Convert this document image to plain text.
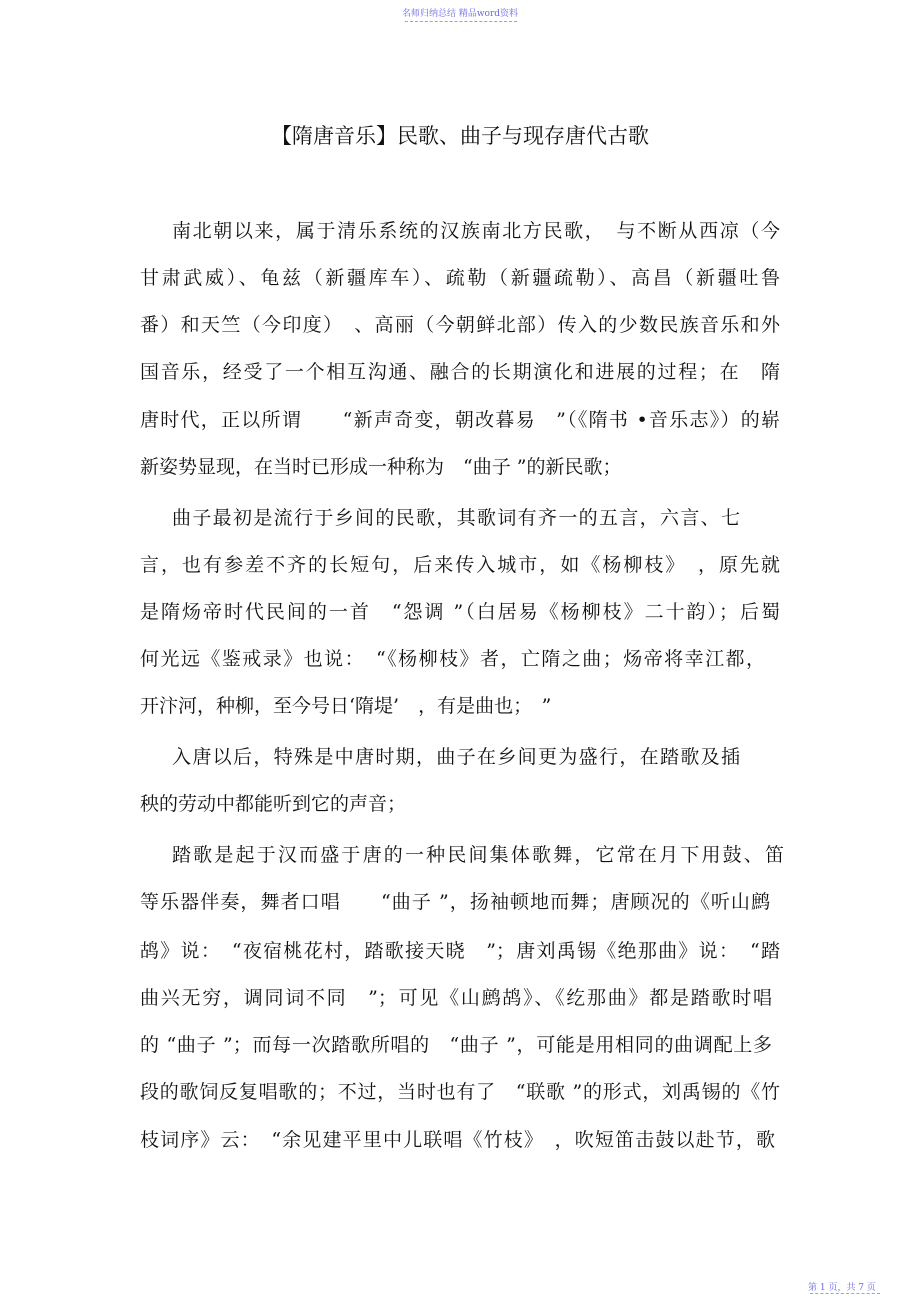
名师归纳总结 精品word资料
【隋唐音乐】民歌、曲子与现存唐代古歌
南北朝以来，属于清乐系统的汉族南北方民歌，　与不断从西凉（今
甘肃武威）、龟兹（新疆库车）、疏勒（新疆疏勒）、高昌（新疆吐鲁
番）和天竺（今印度）　、高丽（今朝鲜北部）传入的少数民族音乐和外
国音乐，经受了一个相互沟通、融合的长期演化和进展的过程；在　隋
唐时代，正以所谓　　“新声奇变，朝改暮易　”（《隋书 •音乐志》）的崭
新姿势显现，在当时已形成一种称为　“曲子 ”的新民歌；
曲子最初是流行于乡间的民歌，其歌词有齐一的五言，六言、七
言，也有参差不齐的长短句，后来传入城市，如《杨柳枝》　，原先就
是隋炀帝时代民间的一首　“怨调 ”（白居易《杨柳枝》二十韵）；后蜀
何光远《鉴戒录》也说：　“《杨柳枝》者，亡隋之曲；炀帝将幸江都，
开汴河，种柳，至今号日‘隋堤’　，有是曲也；　”
入唐以后，特殊是中唐时期，曲子在乡间更为盛行，在踏歌及插
秧的劳动中都能听到它的声音；
踏歌是起于汉而盛于唐的一种民间集体歌舞，它常在月下用鼓、笛
等乐器伴奏，舞者口唱　　“曲子 ”，扬袖顿地而舞；唐顾况的《听山鹧
鸪》说：　“夜宿桃花村，踏歌接天晓　”；唐刘禹锡《绝那曲》说：　“踏
曲兴无穷，调同词不同　”；可见《山鹧鸪》、《纥那曲》都是踏歌时唱
的 “曲子 ”；而每一次踏歌所唱的　“曲子 ”，可能是用相同的曲调配上多
段的歌饲反复唱歌的；不过，当时也有了　“联歌 ”的形式，刘禹锡的《竹
枝词序》云：　“余见建平里中儿联唱《竹枝》　，吹短笛击鼓以赴节，歌
第 1 页，共 7 页
